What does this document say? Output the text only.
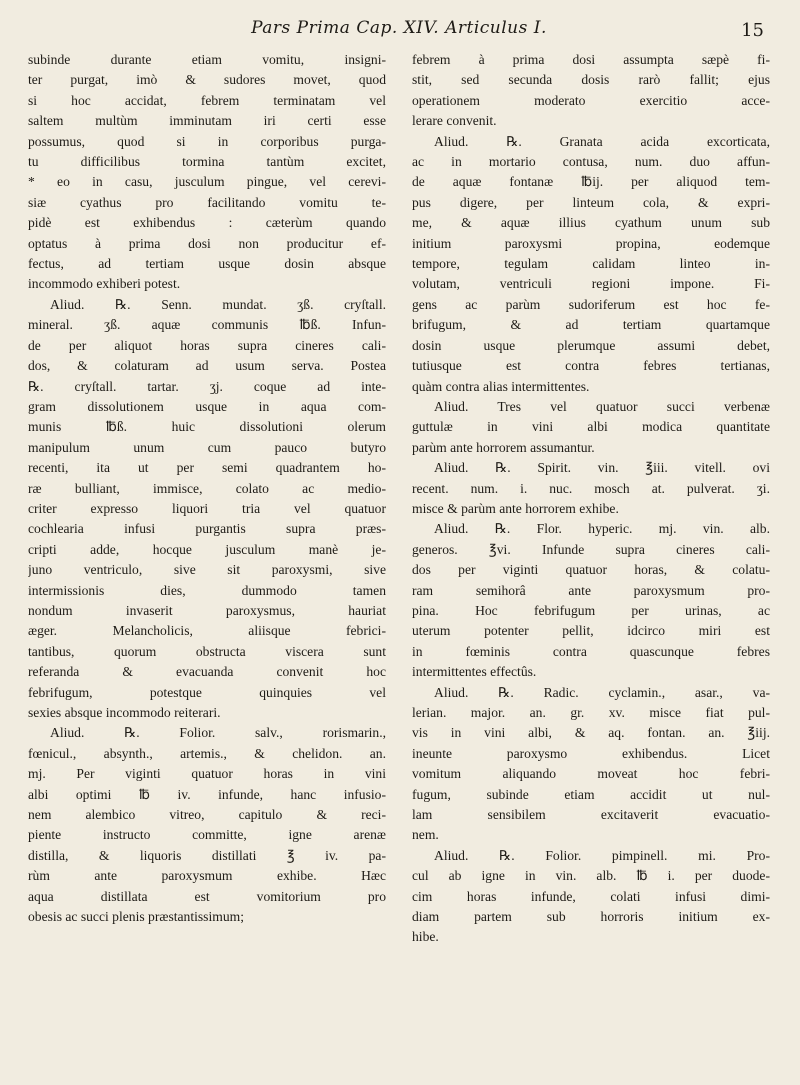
Pars Prima Cap. XIV. Articulus I.	15
subinde durante etiam vomitu, insigni-
ter purgat, imò & sudores movet, quod
si hoc accidat, febrem terminatam vel
saltem multùm imminutam iri certi esse
possumus, quod si in corporibus purga-
tu difficilibus tormina tantùm excitet,
* eo in casu, jusculum pingue, vel cerevi-
siæ cyathus pro facilitando vomitu te-
pidè est exhibendus : cæterùm quando
optatus à prima dosi non producitur ef-
fectus, ad tertiam usque dosin absque
incommodo exhiberi potest.
Aliud. ℞. Senn. mundat. ʒß. cryſtall.
mineral. ʒß. aquæ communis ℔ß. Infun-
de per aliquot horas supra cineres cali-
dos, & colaturam ad usum serva. Postea
℞. cryſtall. tartar. ʒj. coque ad inte-
gram dissolutionem usque in aqua com-
munis ℔ß. huic dissolutioni olerum
manipulum unum cum pauco butyro
recenti, ita ut per semi quadrantem ho-
ræ bulliant, immisce, colato ac medio-
criter expresso liquori tria vel quatuor
cochlearia infusi purgantis supra præs-
cripti adde, hocque jusculum manè je-
juno ventriculo, sive sit paroxysmi, sive
intermissionis dies, dummodo tamen
nondum invaserit paroxysmus, hauriat
æger. Melancholicis, aliisque febrici-
tantibus, quorum obstructa viscera sunt
referanda & evacuanda convenit hoc
febrifugum, potestque quinquies vel
sexies absque incommodo reiterari.
Aliud. ℞. Folior. salv., rorismarin.,
fœnicul., absynth., artemis., & chelidon. an.
mj. Per viginti quatuor horas in vini
albi optimi ℔ iv. infunde, hanc infusio-
nem alembico vitreo, capitulo & reci-
piente instructo committe, igne arenæ
distilla, & liquoris distillati ℥ iv. pa-
rùm ante paroxysmum exhibe. Hæc
aqua distillata est vomitorium pro
obesis ac succi plenis præstantissimum;
febrem à prima dosi assumpta sæpè fi-
stit, sed secunda dosis rarò fallit; ejus
operationem moderato exercitio acce-
lerare convenit.
Aliud. ℞. Granata acida excorticata,
ac in mortario contusa, num. duo affun-
de aquæ fontanæ ℔ij. per aliquod tem-
pus digere, per linteum cola, & expri-
me, & aquæ illius cyathum unum sub
initium paroxysmi propina, eodemque
tempore, tegulam calidam linteo in-
volutam, ventriculi regioni impone. Fi-
gens ac parùm sudoriferum est hoc fe-
brifugum, & ad tertiam quartamque
dosin usque plerumque assumi debet,
tutiusque est contra febres tertianas,
quàm contra alias intermittentes.
Aliud. Tres vel quatuor succi verbenæ
guttulæ in vini albi modica quantitate
parùm ante horrorem assumantur.
Aliud. ℞. Spirit. vin. ℥iii. vitell. ovi
recent. num. i. nuc. mosch at. pulverat. ʒi.
misce & parùm ante horrorem exhibe.
Aliud. ℞. Flor. hyperic. mj. vin. alb.
generos. ℥vi. Infunde supra cineres cali-
dos per viginti quatuor horas, & colatu-
ram semihorâ ante paroxysmum pro-
pina. Hoc febrifugum per urinas, ac
uterum potenter pellit, idcirco miri est
in fœminis contra quascunque febres
intermittentes effectûs.
Aliud. ℞. Radic. cyclamin., asar., va-
lerian. major. an. gr. xv. misce fiat pul-
vis in vini albi, & aq. fontan. an. ℥iij.
ineunte paroxysmo exhibendus. Licet
vomitum aliquando moveat hoc febri-
fugum, subinde etiam accidit ut nul-
lam sensibilem excitaverit evacuatio-
nem.
Aliud. ℞. Folior. pimpinell. mi. Pro-
cul ab igne in vin. alb. ℔ i. per duode-
cim horas infunde, colati infusi dimi-
diam partem sub horroris initium ex-
hibe.
